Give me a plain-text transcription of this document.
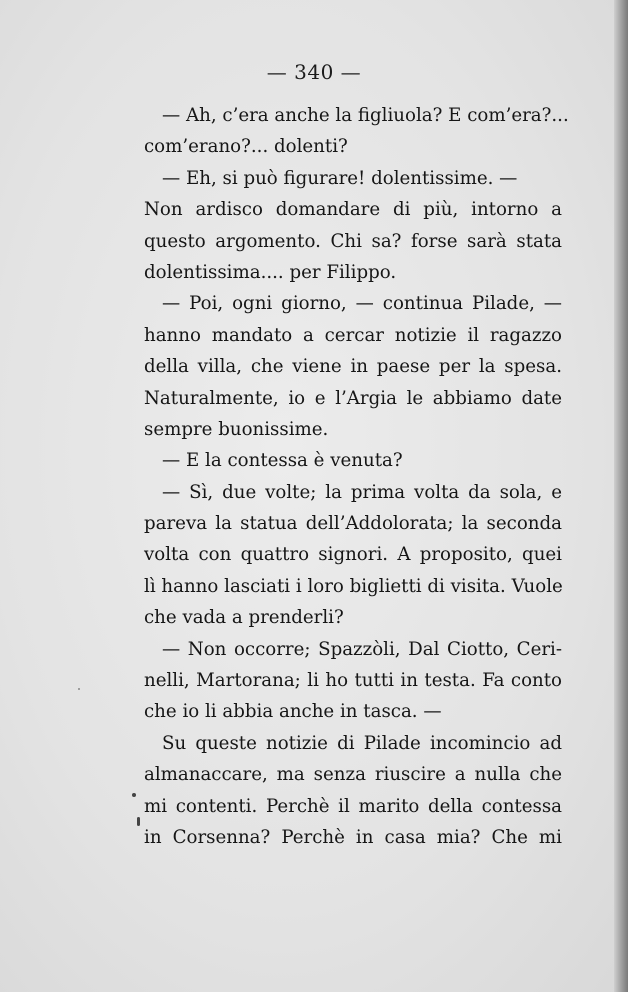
— 340 —
— Ah, c’era anche la figliuola? E com’era?...
com’erano?... dolenti?
— Eh, si può figurare! dolentissime. —
Non ardisco domandare di più, intorno a
questo argomento. Chi sa? forse sarà stata
dolentissima.... per Filippo.
— Poi, ogni giorno, — continua Pilade, —
hanno mandato a cercar notizie il ragazzo
della villa, che viene in paese per la spesa.
Naturalmente, io e l’Argia le abbiamo date
sempre buonissime.
— E la contessa è venuta?
— Sì, due volte; la prima volta da sola, e
pareva la statua dell’Addolorata; la seconda
volta con quattro signori. A proposito, quei
lì hanno lasciati i loro biglietti di visita. Vuole
che vada a prenderli?
— Non occorre; Spazzòli, Dal Ciotto, Ceri-
nelli, Martorana; li ho tutti in testa. Fa conto
che io li abbia anche in tasca. —
Su queste notizie di Pilade incomincio ad
almanaccare, ma senza riuscire a nulla che
mi contenti. Perchè il marito della contessa
in Corsenna? Perchè in casa mia? Che mi
